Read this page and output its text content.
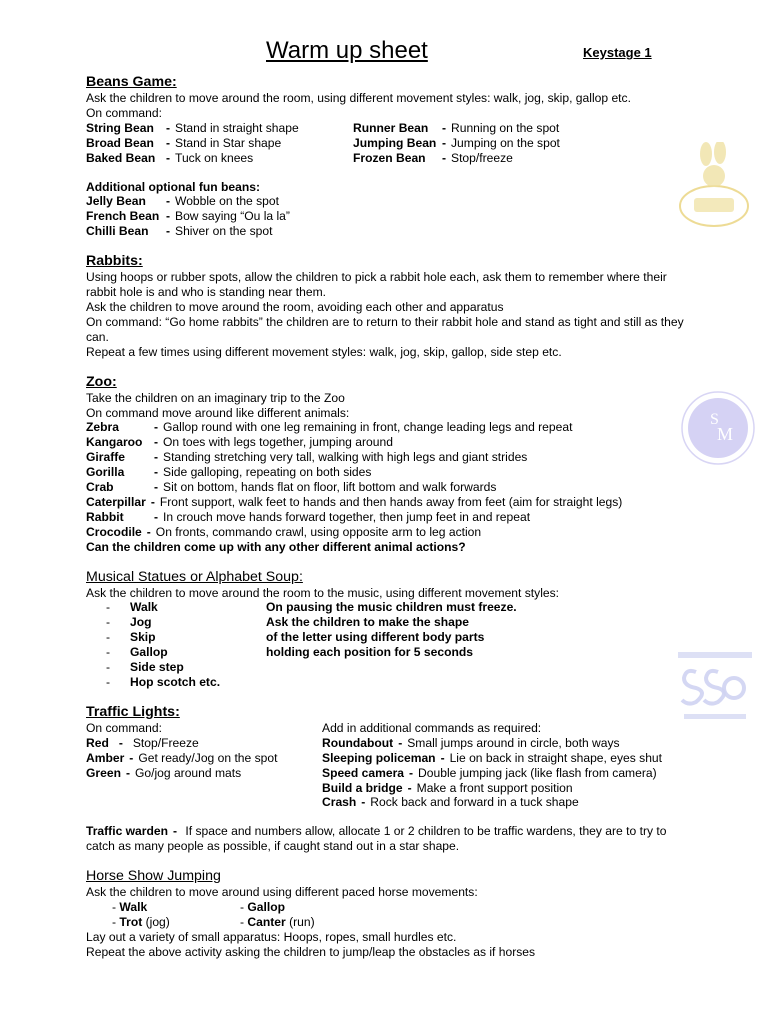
S
M
Warm up sheet	Keystage 1
Beans Game:

Ask the children to move around the room, using different movement styles: walk, jog, skip, gallop etc.

On command:

String Bean	- Stand in straight shape	Runner Bean	- Running on the spot
Broad Bean	- Stand in Star shape	Jumping Bean - Jumping on the spot
Baked Bean - Tuck on knees	Frozen Bean	- Stop/freeze

Additional optional fun beans:

Jelly Bean	- Wobble on the spot
French Bean - Bow saying “Ou la la”
Chilli Bean	- Shiver on the spot
Rabbits:

Using hoops or rubber spots, allow the children to pick a rabbit hole each, ask them to remember where their rabbit hole is and who is standing near them.

Ask the children to move around the room, avoiding each other and apparatus

On command: “Go home rabbits” the children are to return to their rabbit hole and stand as tight and still as they can.

Repeat a few times using different movement styles: walk, jog, skip, gallop, side step etc.

Zoo:

Take the children on an imaginary trip to the Zoo

On command move around like different animals:

Zebra	- Gallop round with one leg remaining in front, change leading legs and repeat
Kangaroo - On toes with legs together, jumping around
Giraffe	- Standing stretching very tall, walking with high legs and giant strides
Gorilla	- Side galloping, repeating on both sides
Crab	- Sit on bottom, hands flat on floor, lift bottom and walk forwards
Caterpillar - Front support, walk feet to hands and then hands away from feet (aim for straight legs)
Rabbit	- In crouch move hands forward together, then jump feet in and repeat
Crocodile - On fronts, commando crawl, using opposite arm to leg action

Can the children come up with any other different animal actions?

Musical Statues or Alphabet Soup:

Ask the children to move around the room to the music, using different movement styles:

-	Walk	On pausing the music children must freeze.
-	Jog	Ask the children to make the shape
-	Skip	of the letter using different body parts
-	Gallop	holding each position for 5 seconds
-	Side step
-	Hop scotch etc.
Traffic Lights:

On command:

Red - Stop/Freeze
Amber - Get ready/Jog on the spot
Green - Go/jog around mats

Add in additional commands as required:

Roundabout - Small jumps around in circle, both ways
Sleeping policeman - Lie on back in straight shape, eyes shut
Speed camera - Double jumping jack (like flash from camera)
Build a bridge - Make a front support position
Crash - Rock back and forward in a tuck shape

Traffic warden - If space and numbers allow, allocate 1 or 2 children to be traffic wardens, they are to try to catch as many people as possible, if caught stand out in a star shape.

Horse Show Jumping

Ask the children to move around using different paced horse movements:

- Walk	- Gallop
- Trot (jog)	- Canter (run)

Lay out a variety of small apparatus: Hoops, ropes, small hurdles etc.

Repeat the above activity asking the children to jump/leap the obstacles as if horses
